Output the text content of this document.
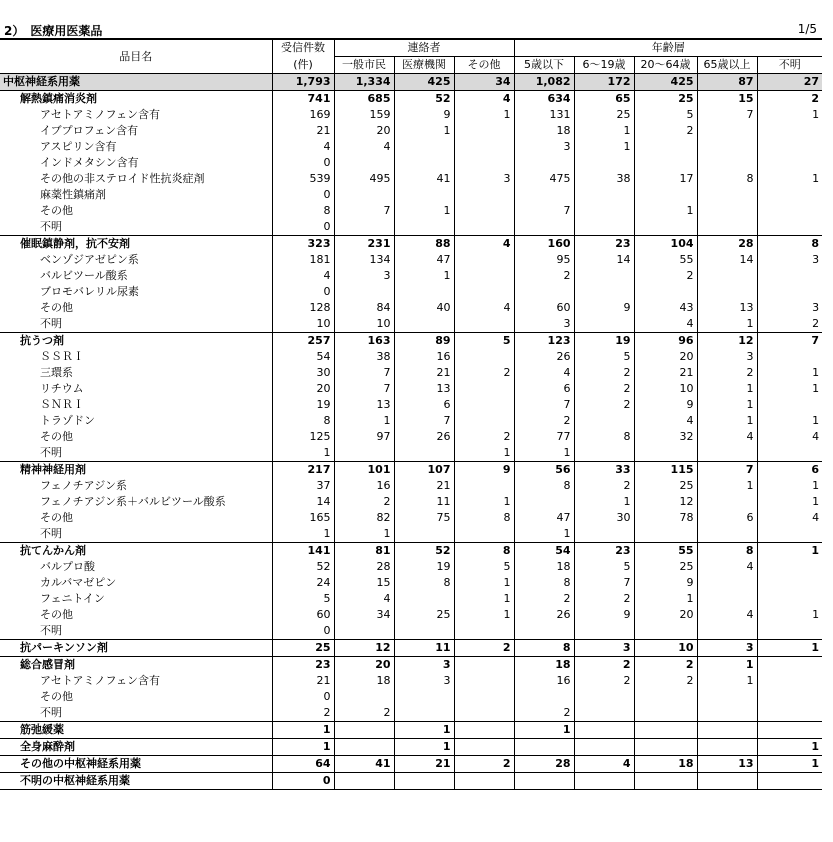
2）　医療用医薬品	1/5
品目名	受信件数	連絡者			年齢層				
	(件)	一般市民	医療機関	その他	5歳以下	6～19歳	20～64歳	65歳以上	不明
中枢神経系用薬	1,793	1,334	425	34	1,082	172	425	87	27
解熱鎮痛消炎剤	741	685	52	4	634	65	25	15	2
アセトアミノフェン含有	169	159	9	1	131	25	5	7	1
イブプロフェン含有	21	20	1		18	1	2		
アスピリン含有	4	4			3	1			
インドメタシン含有	0								
その他の非ステロイド性抗炎症剤	539	495	41	3	475	38	17	8	1
麻薬性鎮痛剤	0								
その他	8	7	1		7		1		
不明	0								
催眠鎮静剤，抗不安剤	323	231	88	4	160	23	104	28	8
ベンゾジアゼピン系	181	134	47		95	14	55	14	3
バルビツール酸系	4	3	1		2		2		
ブロモバレリル尿素	0								
その他	128	84	40	4	60	9	43	13	3
不明	10	10			3		4	1	2
抗うつ剤	257	163	89	5	123	19	96	12	7
ＳＳＲＩ	54	38	16		26	5	20	3	
三環系	30	7	21	2	4	2	21	2	1
リチウム	20	7	13		6	2	10	1	1
ＳＮＲＩ	19	13	6		7	2	9	1	
トラゾドン	8	1	7		2		4	1	1
その他	125	97	26	2	77	8	32	4	4
不明	1			1	1				
精神神経用剤	217	101	107	9	56	33	115	7	6
フェノチアジン系	37	16	21		8	2	25	1	1
フェノチアジン系＋バルビツール酸系	14	2	11	1		1	12		1
その他	165	82	75	8	47	30	78	6	4
不明	1	1			1				
抗てんかん剤	141	81	52	8	54	23	55	8	1
バルプロ酸	52	28	19	5	18	5	25	4	
カルバマゼピン	24	15	8	1	8	7	9		
フェニトイン	5	4		1	2	2	1		
その他	60	34	25	1	26	9	20	4	1
不明	0								
抗パーキンソン剤	25	12	11	2	8	3	10	3	1
総合感冒剤	23	20	3		18	2	2	1	
アセトアミノフェン含有	21	18	3		16	2	2	1	
その他	0								
不明	2	2			2				
筋弛緩薬	1		1		1				
全身麻酔剤	1		1						1
その他の中枢神経系用薬	64	41	21	2	28	4	18	13	1
不明の中枢神経系用薬	0								
